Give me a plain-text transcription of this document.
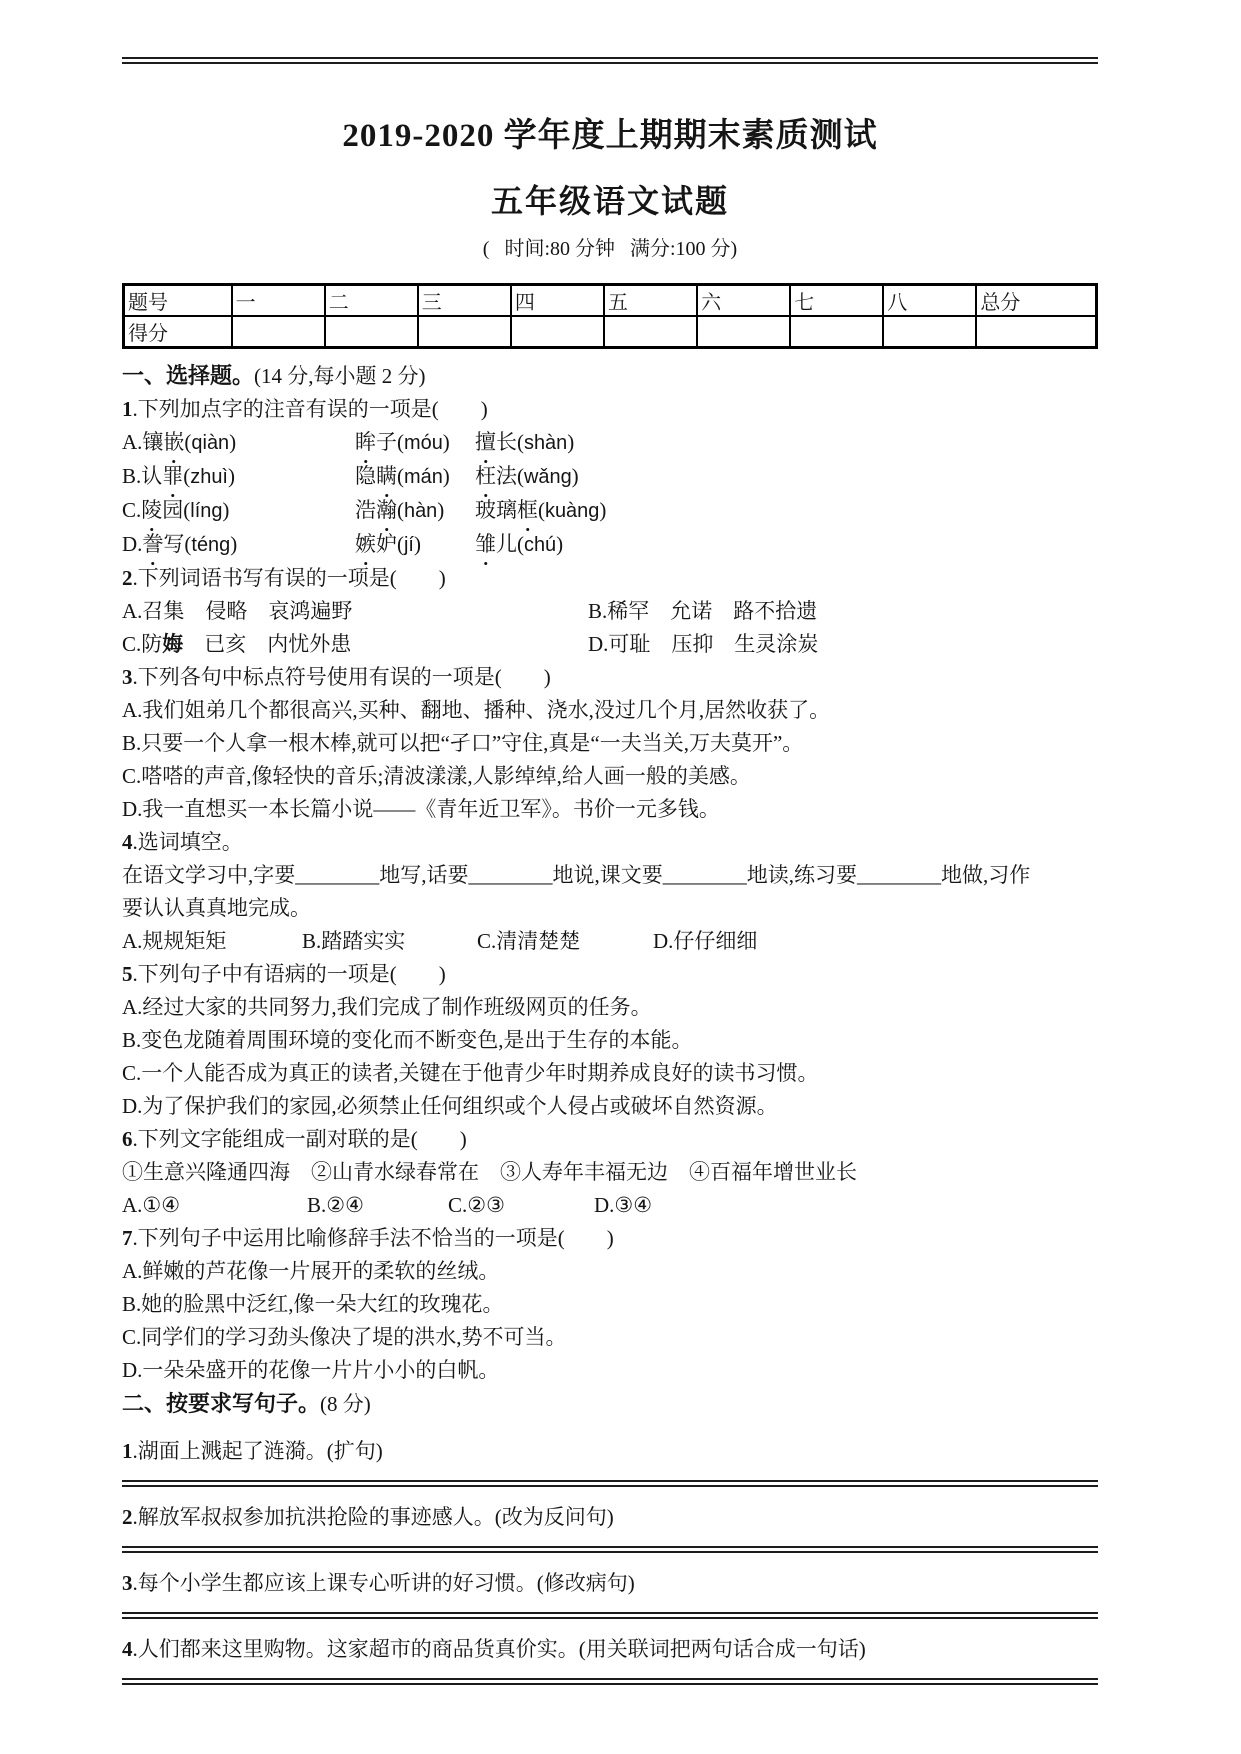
2019-2020 学年度上期期末素质测试
五年级语文试题
(   时间:80 分钟   满分:100 分)
题号	一	二	三	四	五	六	七	八	总分
得分									
一、选择题。(14 分,每小题 2 分)
1.下列加点字的注音有误的一项是(        )
A.镶嵌(qiàn)	眸子(móu)	擅长(shàn)
B.认罪(zhuì)	隐瞒(mán)	枉法(wǎng)
C.陵园(líng)	浩瀚(hàn)	玻璃框(kuàng)
D.誊写(téng)	嫉妒(jí)	雏儿(chú)
2.下列词语书写有误的一项是(        )
A.召集　侵略　哀鸿遍野	B.稀罕　允诺　路不拾遗
C.防娒　已亥　内忧外患	D.可耻　压抑　生灵涂炭
3.下列各句中标点符号使用有误的一项是(        )
A.我们姐弟几个都很高兴,买种、翻地、播种、浇水,没过几个月,居然收获了。
B.只要一个人拿一根木棒,就可以把“孑口”守住,真是“一夫当关,万夫莫开”。
C.嗒嗒的声音,像轻快的音乐;清波漾漾,人影绰绰,给人画一般的美感。
D.我一直想买一本长篇小说——《青年近卫军》。书价一元多钱。
4.选词填空。
在语文学习中,字要________地写,话要________地说,课文要________地读,练习要________地做,习作
要认认真真地完成。
A.规规矩矩	B.踏踏实实	C.清清楚楚	D.仔仔细细
5.下列句子中有语病的一项是(        )
A.经过大家的共同努力,我们完成了制作班级网页的任务。
B.变色龙随着周围环境的变化而不断变色,是出于生存的本能。
C.一个人能否成为真正的读者,关键在于他青少年时期养成良好的读书习惯。
D.为了保护我们的家园,必须禁止任何组织或个人侵占或破坏自然资源。
6.下列文字能组成一副对联的是(        )
①生意兴隆通四海　②山青水绿春常在　③人寿年丰福无边　④百福年增世业长
A.①④	B.②④	C.②③	D.③④
7.下列句子中运用比喻修辞手法不恰当的一项是(        )
A.鲜嫩的芦花像一片展开的柔软的丝绒。
B.她的脸黑中泛红,像一朵大红的玫瑰花。
C.同学们的学习劲头像决了堤的洪水,势不可当。
D.一朵朵盛开的花像一片片小小的白帆。
二、按要求写句子。(8 分)
1.湖面上溅起了涟漪。(扩句)
2.解放军叔叔参加抗洪抢险的事迹感人。(改为反问句)
3.每个小学生都应该上课专心听讲的好习惯。(修改病句)
4.人们都来这里购物。这家超市的商品货真价实。(用关联词把两句话合成一句话)
